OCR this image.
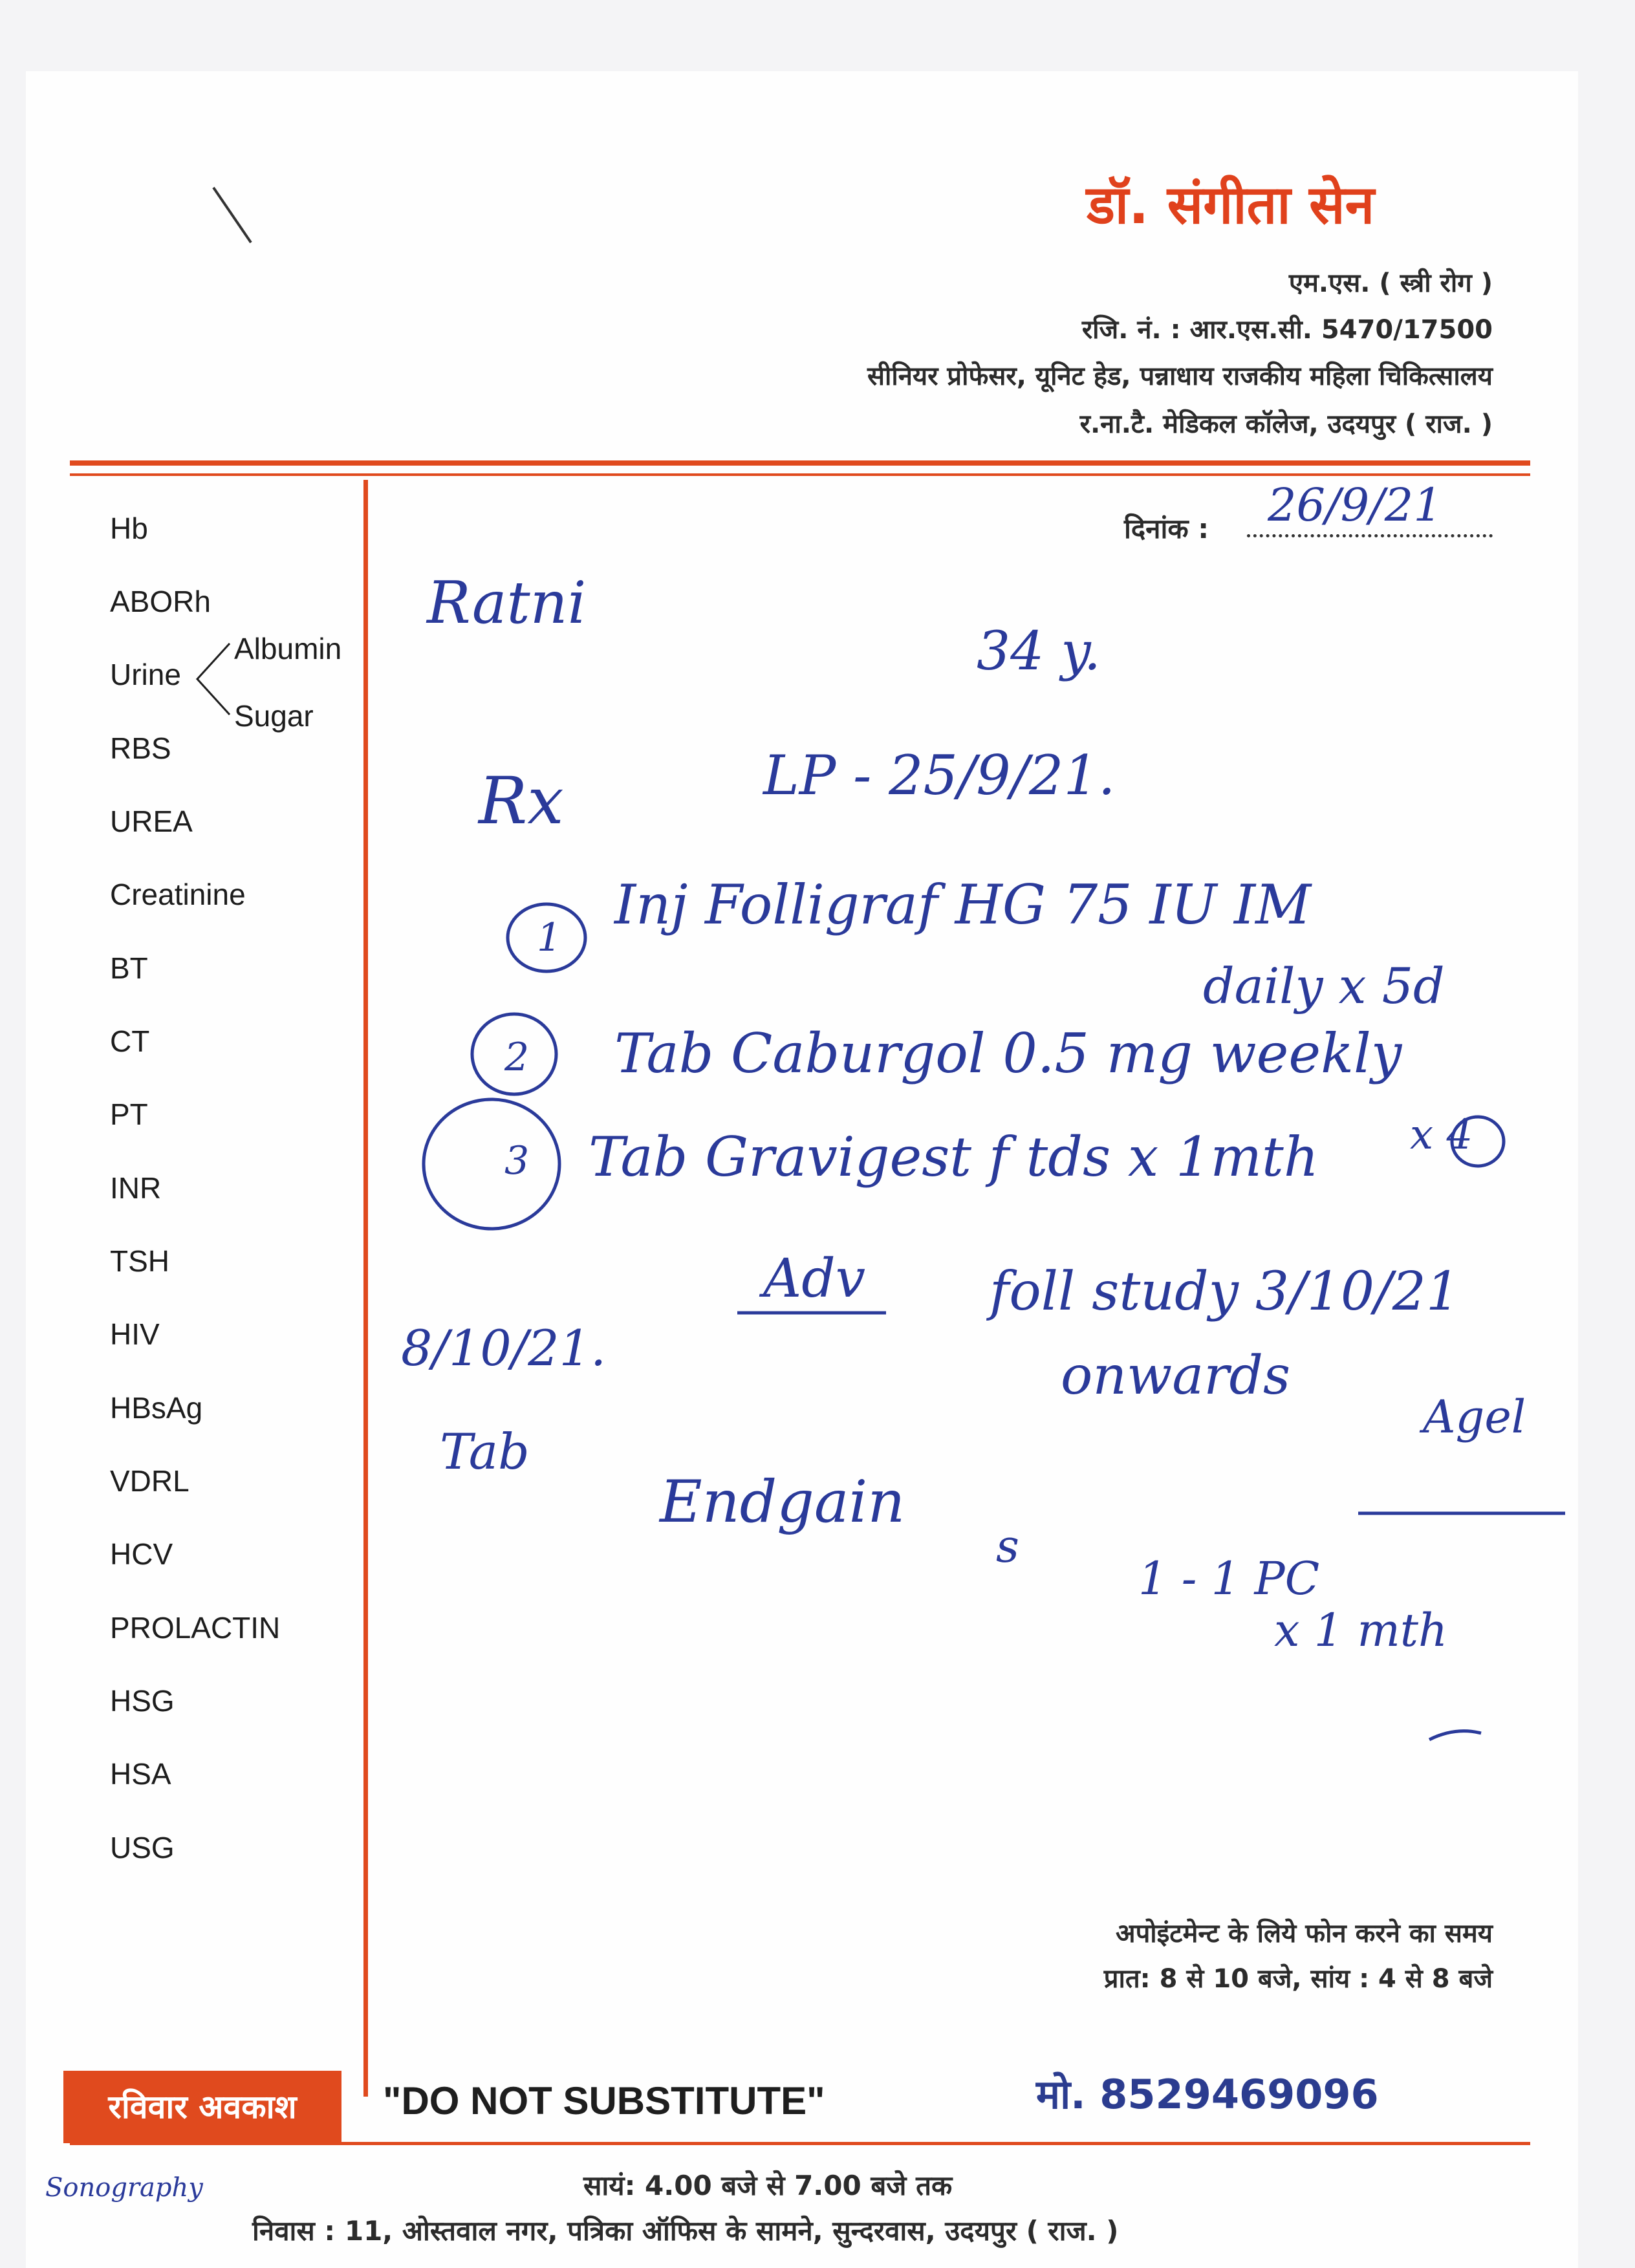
डॉ. संगीता सेन
एम.एस. ( स्त्री रोग )
रजि. नं. : आर.एस.सी. 5470/17500
सीनियर प्रोफेसर, यूनिट हेड, पन्नाधाय राजकीय महिला चिकित्सालय
र.ना.टै. मेडिकल कॉलेज, उदयपुर ( राज. )
दिनांक : 26/9/21
Hb
ABORh
Urine
RBS
UREA
Creatinine
BT
CT
PT
INR
TSH
HIV
HBsAg
VDRL
HCV
PROLACTIN
HSG
HSA
USG
Albumin
Sugar
Ratni
34 y.
LP - 25/9/21.
Rx
1
Inj Folligraf HG 75 IU IM
daily x 5d
2 Tab Caburgol 0.5 mg weekly
3 Tab Gravigest f tds x 1mth x 4
Adv foll study 3/10/21
onwards
Agel
8/10/21.
Tab
Endgain
s
1 - 1 PC
x 1 mth
Sonography
अपोइंटमेन्ट के लिये फोन करने का समय
प्रात: 8 से 10 बजे, सांय : 4 से 8 बजे
रविवार अवकाश	"DO NOT SUBSTITUTE"	मो. 8529469096
सायं: 4.00 बजे से 7.00 बजे तक
निवास : 11, ओस्तवाल नगर, पत्रिका ऑफिस के सामने, सुन्दरवास, उदयपुर ( राज. )
